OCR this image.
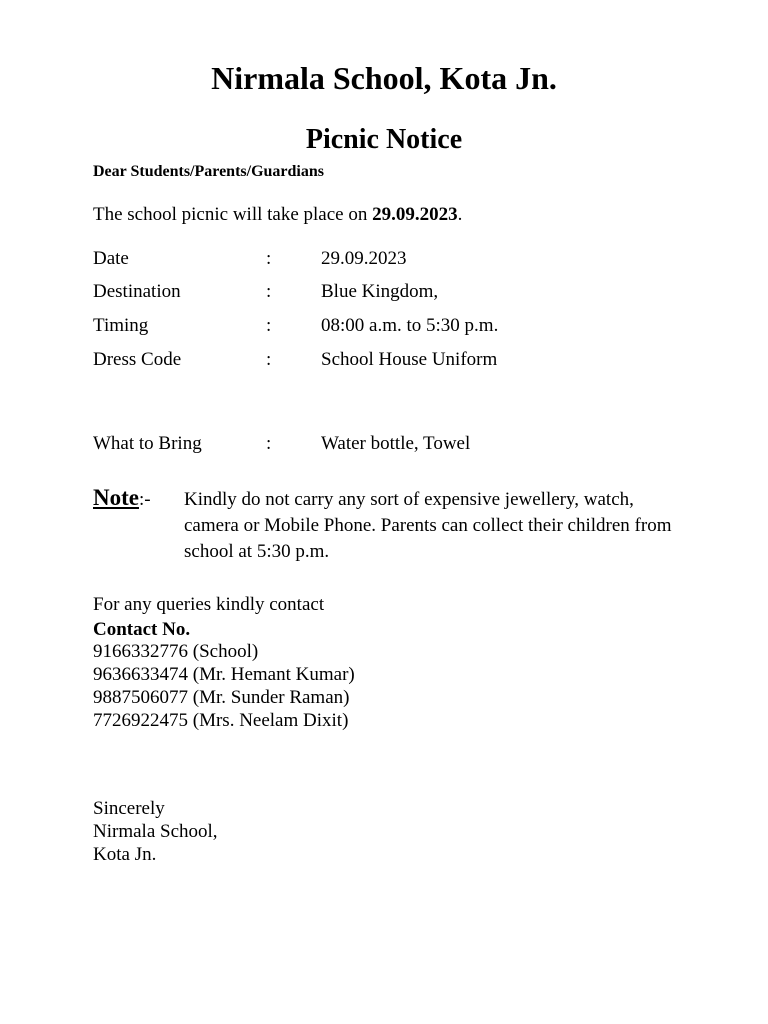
Nirmala School, Kota Jn.
Picnic Notice
Dear Students/Parents/Guardians
The school picnic will take place on 29.09.2023.
Date	:	29.09.2023
Destination	:	Blue Kingdom,
Timing	:	08:00 a.m. to 5:30 p.m.
Dress Code	:	School House Uniform
What to Bring	:	Water bottle, Towel
Note:- Kindly do not carry any sort of expensive jewellery, watch, camera or Mobile Phone. Parents can collect their children from school at 5:30 p.m.
For any queries kindly contact
Contact No.
9166332776 (School)
9636633474 (Mr. Hemant Kumar)
9887506077 (Mr. Sunder Raman)
7726922475 (Mrs. Neelam Dixit)
Sincerely
Nirmala School,
Kota Jn.
